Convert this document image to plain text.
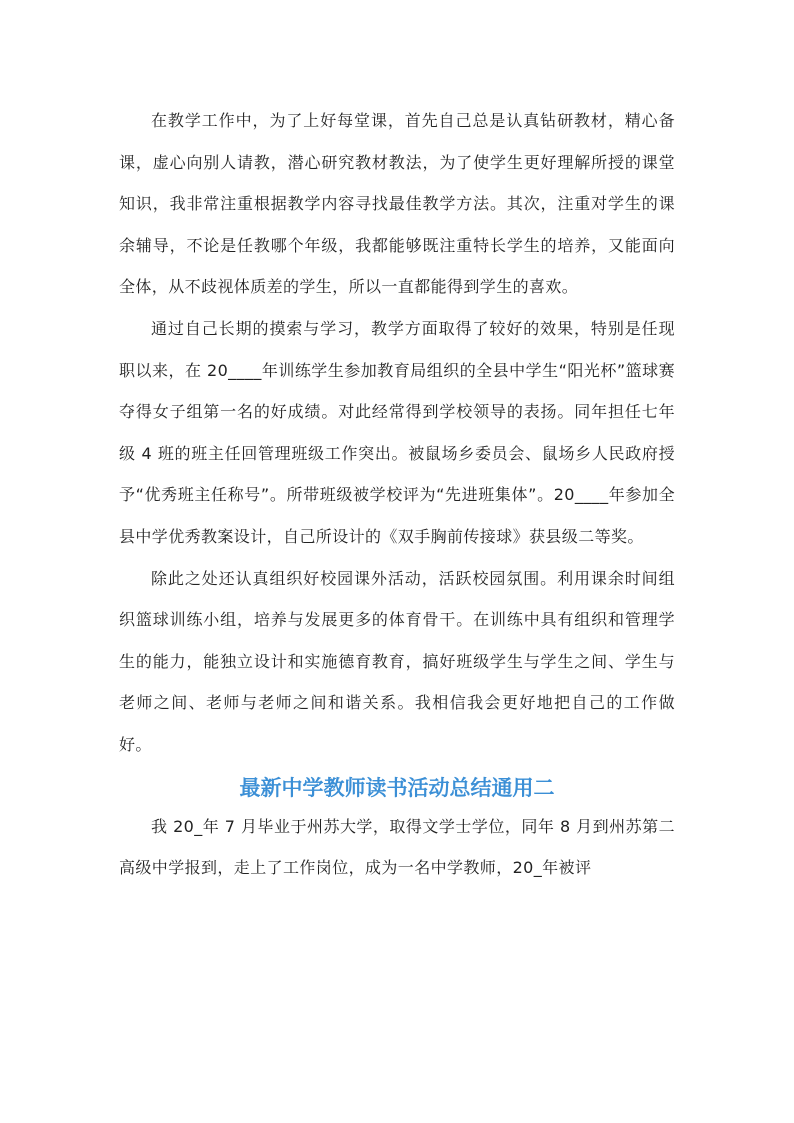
在教学工作中，为了上好每堂课，首先自己总是认真钻研教材，精心备课，虚心向别人请教，潜心研究教材教法，为了使学生更好理解所授的课堂知识，我非常注重根据教学内容寻找最佳教学方法。其次，注重对学生的课余辅导，不论是任教哪个年级，我都能够既注重特长学生的培养，又能面向全体，从不歧视体质差的学生，所以一直都能得到学生的喜欢。

通过自己长期的摸索与学习，教学方面取得了较好的效果，特别是任现职以来，在 20____年训练学生参加教育局组织的全县中学生“阳光杯”篮球赛夺得女子组第一名的好成绩。对此经常得到学校领导的表扬。同年担任七年级 4 班的班主任回管理班级工作突出。被鼠场乡委员会、鼠场乡人民政府授予“优秀班主任称号”。所带班级被学校评为“先进班集体”。20____年参加全县中学优秀教案设计，自己所设计的《双手胸前传接球》获县级二等奖。

除此之处还认真组织好校园课外活动，活跃校园氛围。利用课余时间组织篮球训练小组，培养与发展更多的体育骨干。在训练中具有组织和管理学生的能力，能独立设计和实施德育教育，搞好班级学生与学生之间、学生与老师之间、老师与老师之间和谐关系。我相信我会更好地把自己的工作做好。

最新中学教师读书活动总结通用二

我 20_年 7 月毕业于州苏大学，取得文学士学位，同年 8 月到州苏第二高级中学报到，走上了工作岗位，成为一名中学教师，20_年被评
